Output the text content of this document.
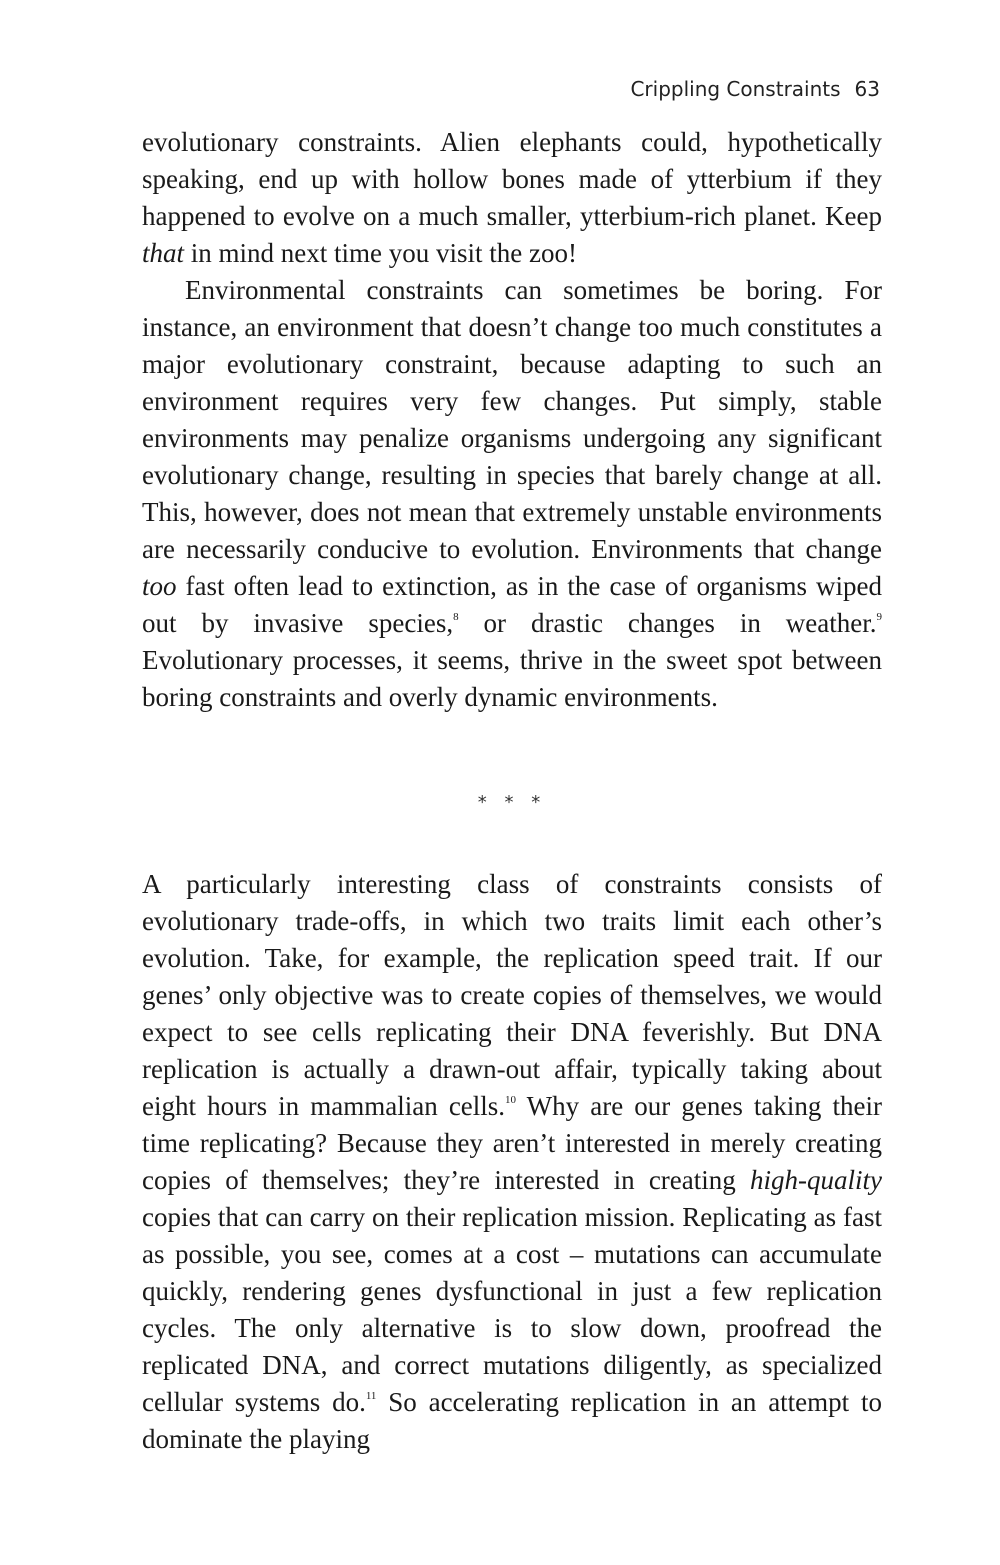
Crippling Constraints 63

evolutionary constraints. Alien elephants could, hypothetically speaking, end up with hollow bones made of ytterbium if they happened to evolve on a much smaller, ytterbium-rich planet. Keep that in mind next time you visit the zoo!

Environmental constraints can sometimes be boring. For instance, an environment that doesn’t change too much constitutes a major evolutionary constraint, because adapting to such an environment requires very few changes. Put simply, stable environments may penalize organisms undergoing any significant evolutionary change, resulting in species that barely change at all. This, however, does not mean that extremely unstable environments are necessarily conducive to evolution. Environments that change too fast often lead to extinction, as in the case of organisms wiped out by invasive species,$^8$ or drastic changes in weather.$^9$ Evolutionary processes, it seems, thrive in the sweet spot between boring constraints and overly dynamic environments.

* * *

A particularly interesting class of constraints consists of evolutionary trade-offs, in which two traits limit each other’s evolution. Take, for example, the replication speed trait. If our genes’ only objective was to create copies of themselves, we would expect to see cells replicating their DNA feverishly. But DNA replication is actually a drawn-out affair, typically taking about eight hours in mammalian cells.$^{10}$ Why are our genes taking their time replicating? Because they aren’t interested in merely creating copies of themselves; they’re interested in creating high-quality copies that can carry on their replication mission. Replicating as fast as possible, you see, comes at a cost – mutations can accumulate quickly, rendering genes dysfunctional in just a few replication cycles. The only alternative is to slow down, proofread the replicated DNA, and correct mutations diligently, as specialized cellular systems do.$^{11}$ So accelerating replication in an attempt to dominate the playing
